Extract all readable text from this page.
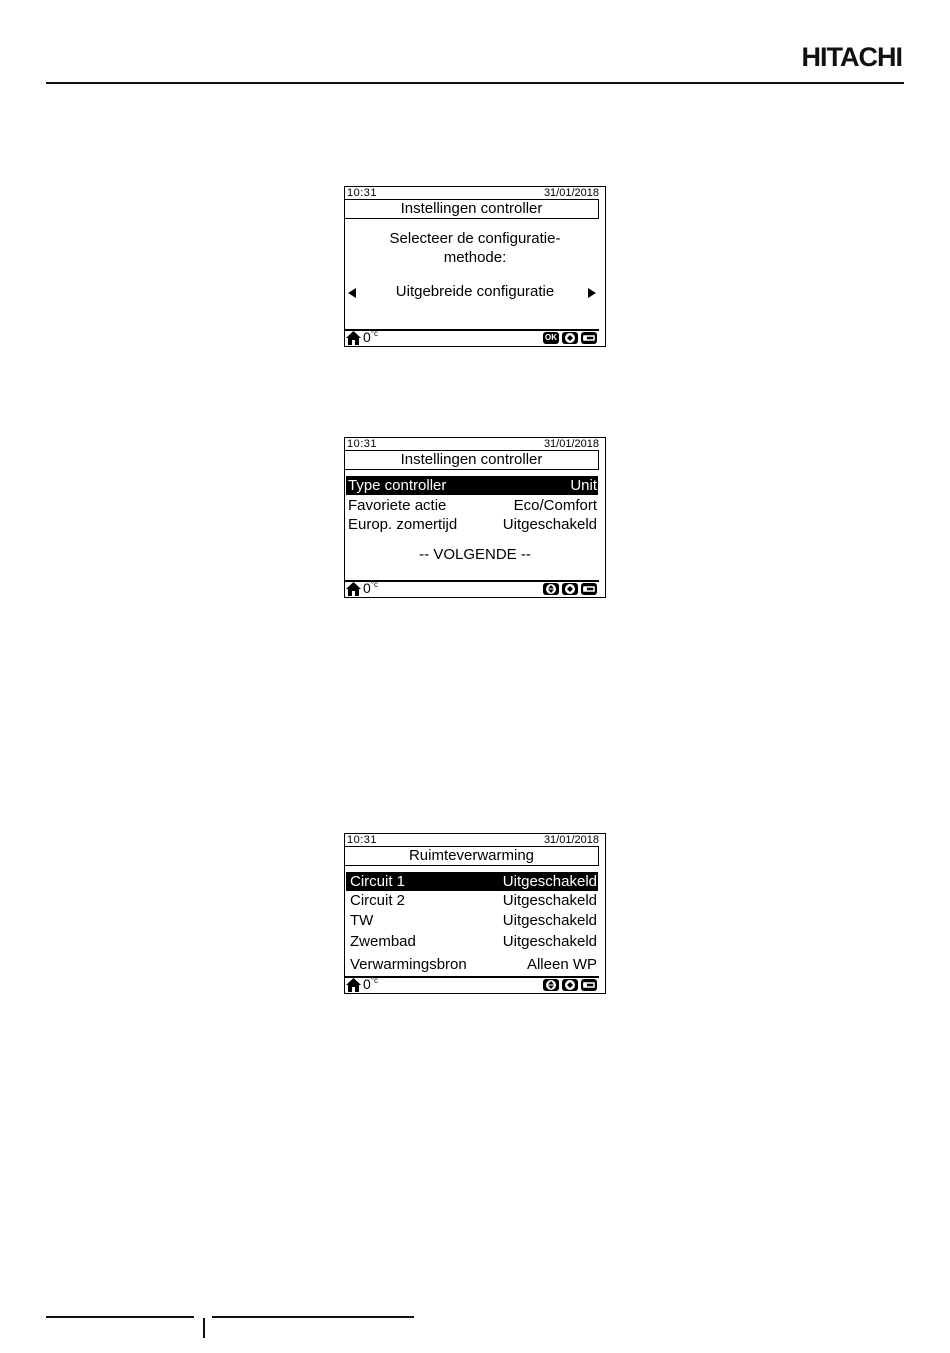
HITACHI
10:31	31/01/2018
Instellingen controller
Selecteer de configuratie-
methode:
Uitgebreide configuratie
$0^{^\circ c}$	OK
10:31	31/01/2018
Instellingen controller
Type controller	Unit
Favoriete actie	Eco/Comfort
Europ. zomertijd	Uitgeschakeld
-- VOLGENDE --
$0^{^\circ c}$
10:31	31/01/2018
Ruimteverwarming
Circuit 1	Uitgeschakeld
Circuit 2	Uitgeschakeld
TW	Uitgeschakeld
Zwembad	Uitgeschakeld
Verwarmingsbron	Alleen WP
$0^{^\circ c}$
